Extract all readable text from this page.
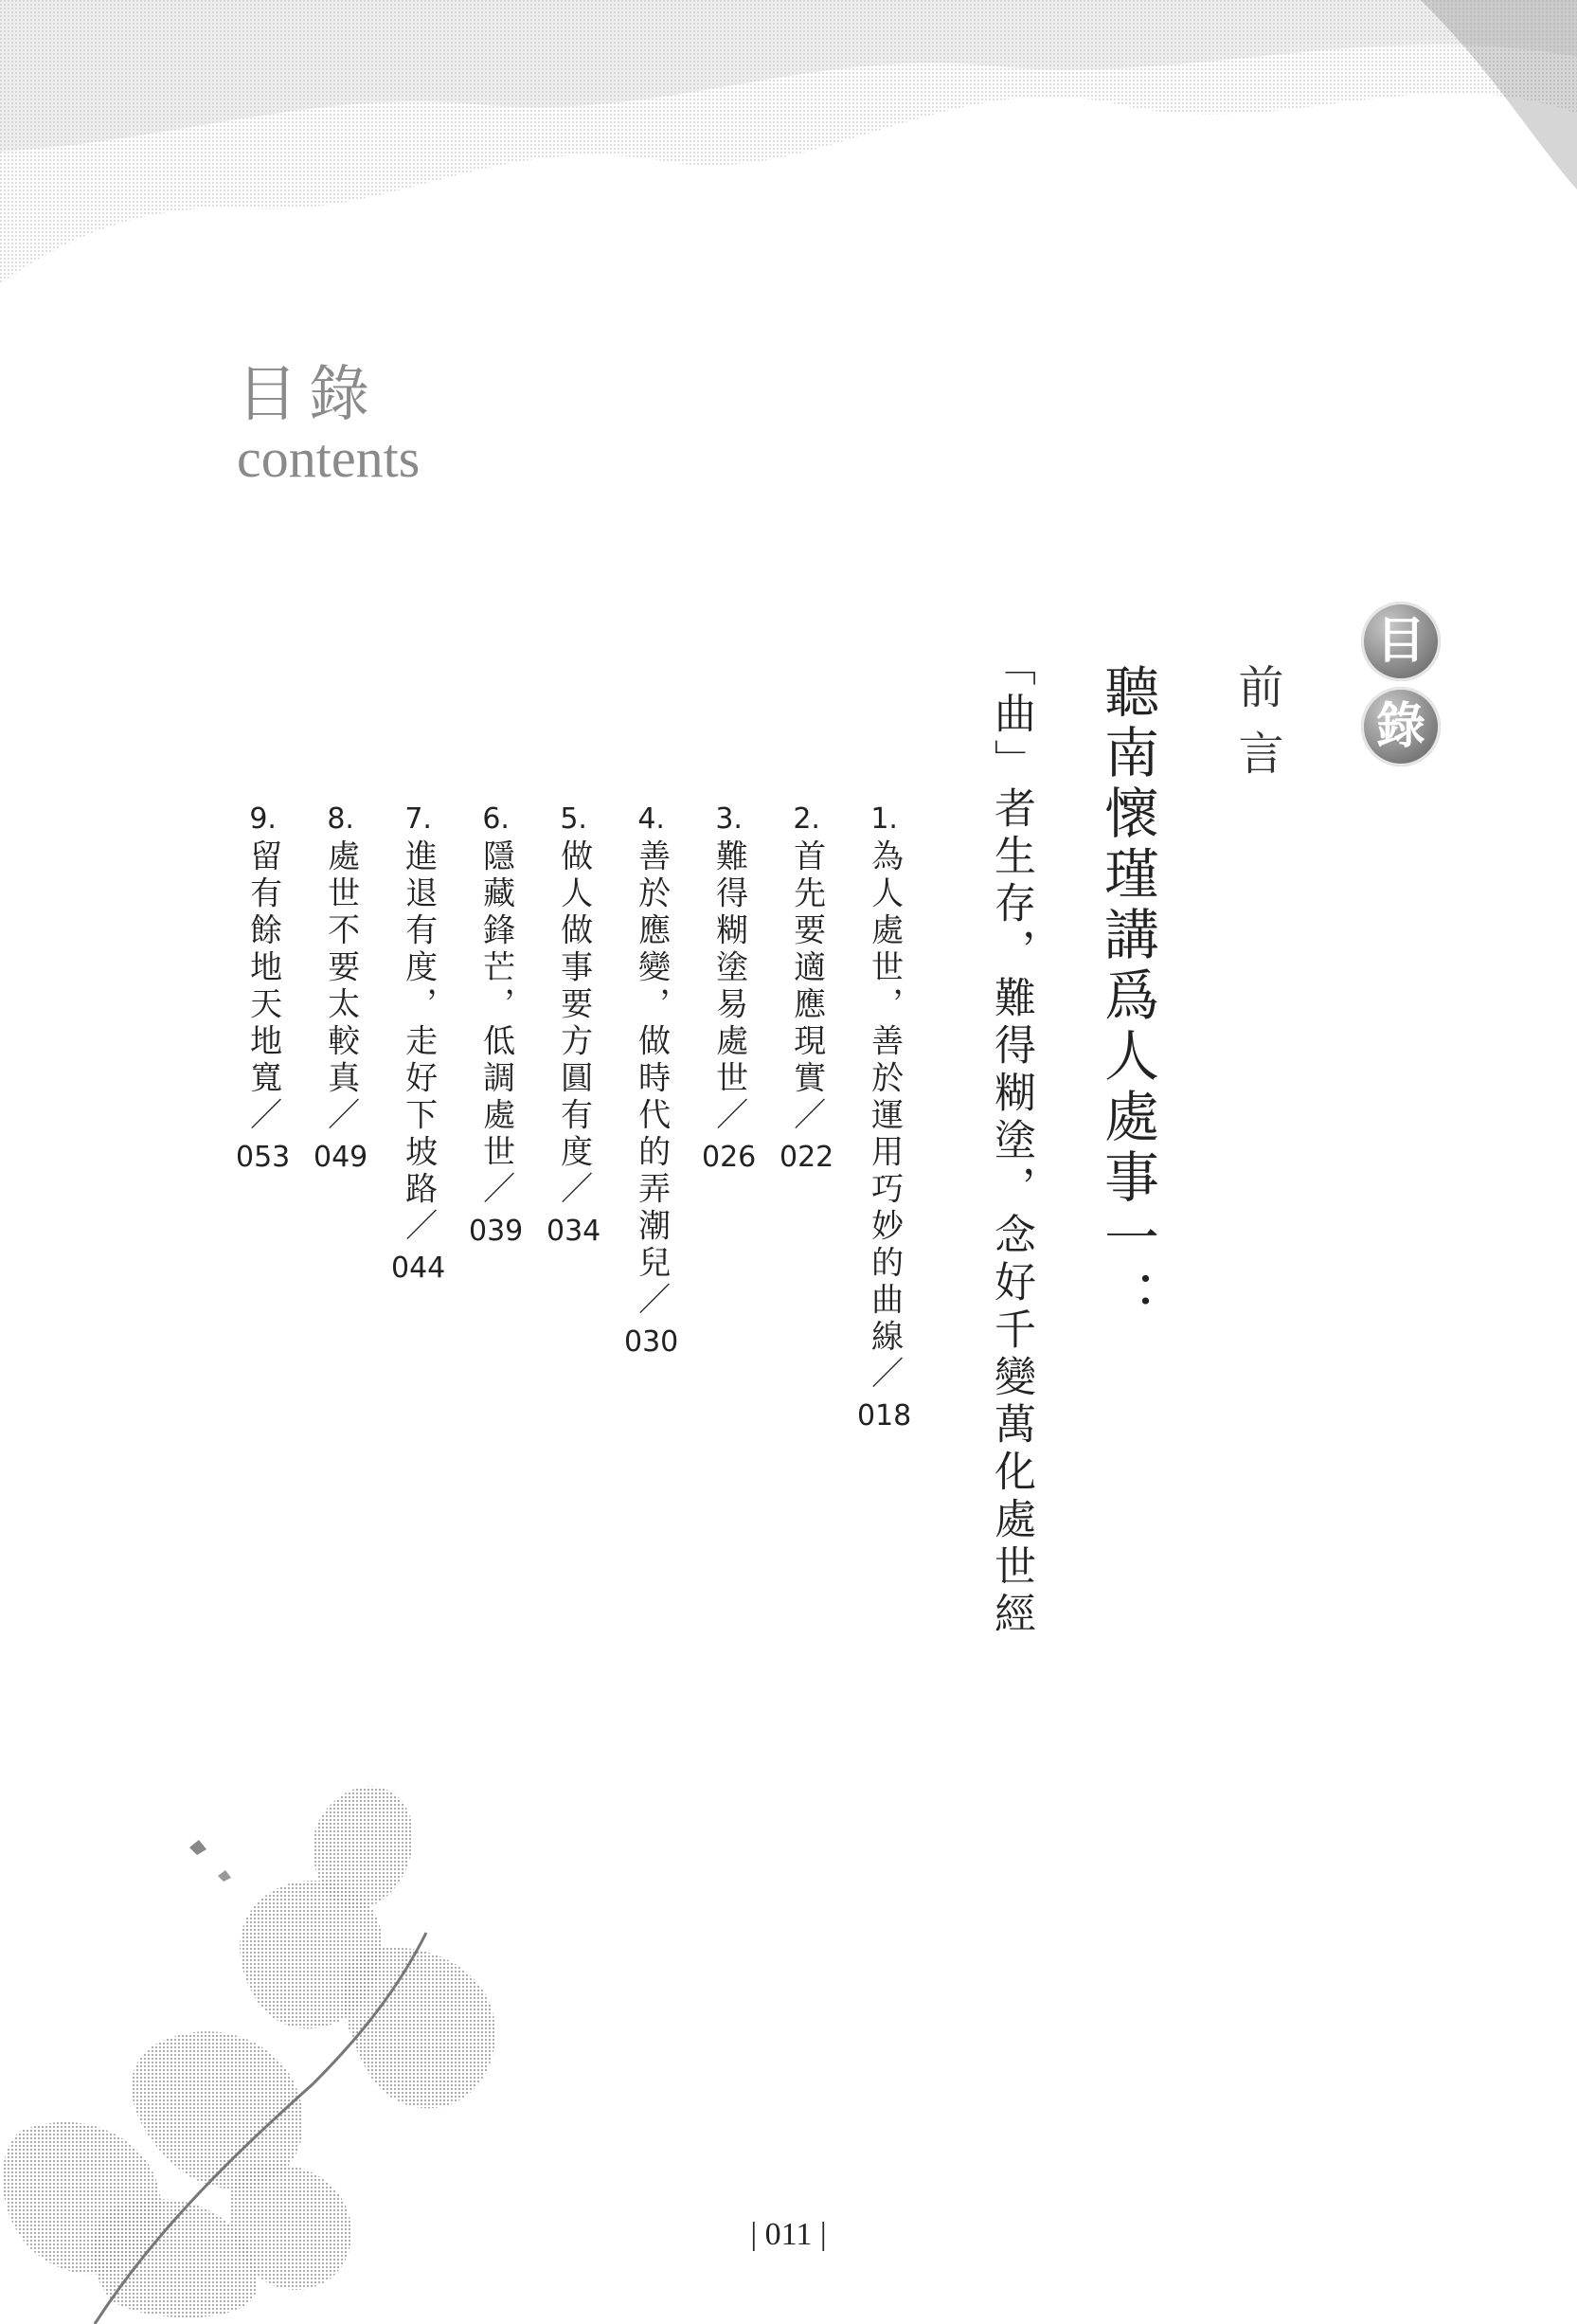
目錄
contents
目
錄
前言
聽南懷瑾講爲人處事一：
「曲」者生存，難得糊塗，念好千變萬化處世經
1.為人處世，善於運用巧妙的曲線／018
2.首先要適應現實／022
3.難得糊塗易處世／026
4.善於應變，做時代的弄潮兒／030
5.做人做事要方圓有度／034
6.隱藏鋒芒，低調處世／039
7.進退有度，走好下坡路／044
8.處世不要太較真／049
9.留有餘地天地寬／053
| 011 |
